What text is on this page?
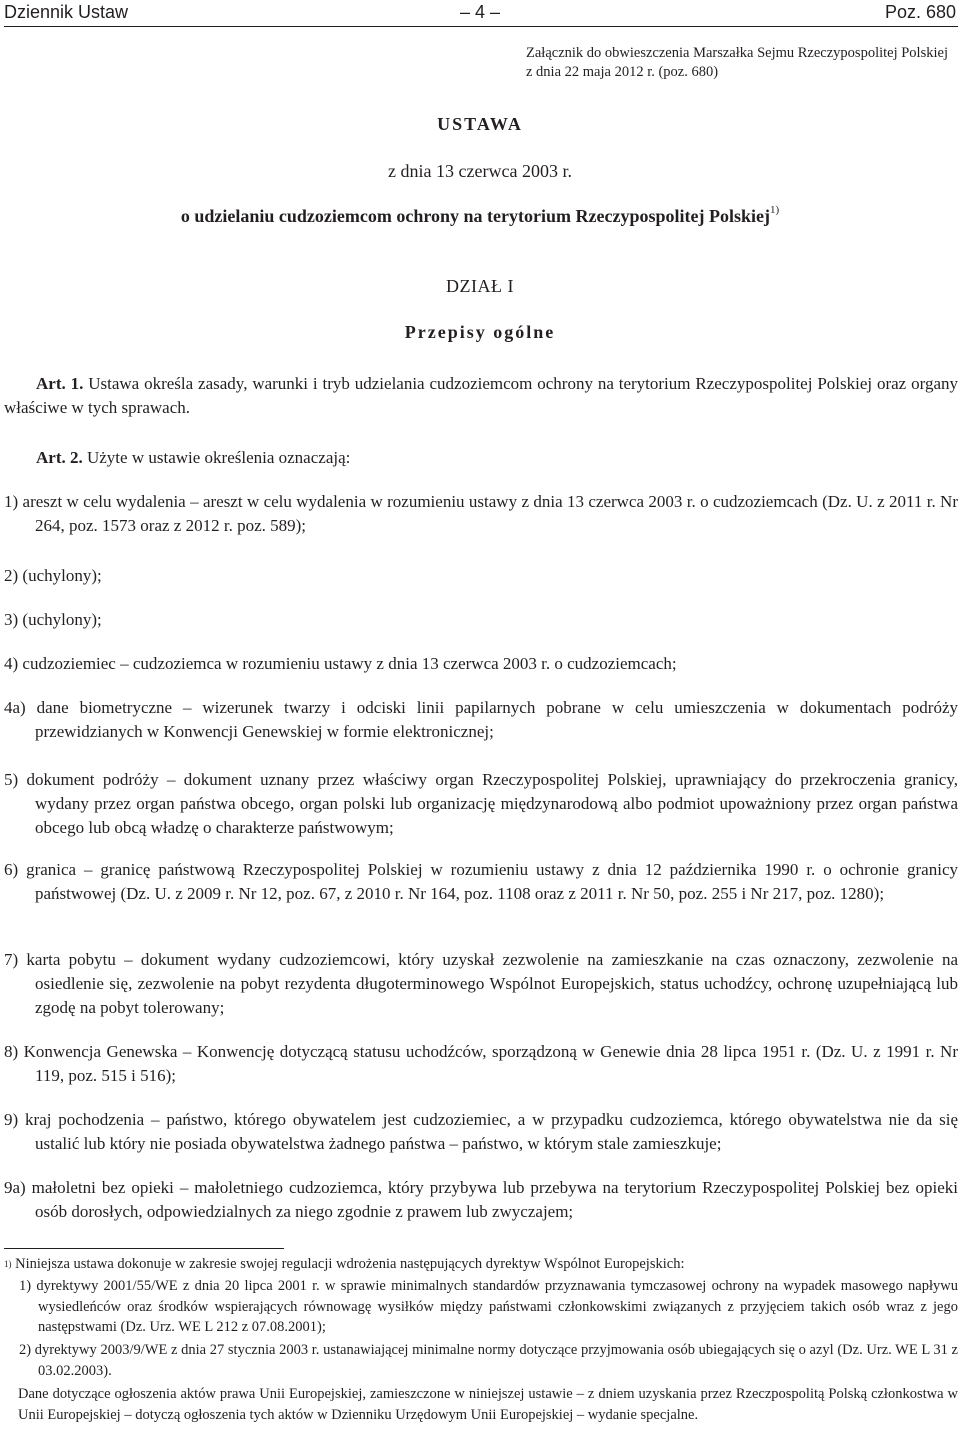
Dziennik Ustaw	– 4 –	Poz. 680
Załącznik do obwieszczenia Marszałka Sejmu Rzeczypospolitej Polskiej z dnia 22 maja 2012 r. (poz. 680)
USTAWA
z dnia 13 czerwca 2003 r.
o udzielaniu cudzoziemcom ochrony na terytorium Rzeczypospolitej Polskiej$^{1)}$
DZIAŁ I
Przepisy ogólne
Art. 1. Ustawa określa zasady, warunki i tryb udzielania cudzoziemcom ochrony na terytorium Rzeczypospolitej Polskiej oraz organy właściwe w tych sprawach.
Art. 2. Użyte w ustawie określenia oznaczają:
1) areszt w celu wydalenia – areszt w celu wydalenia w rozumieniu ustawy z dnia 13 czerwca 2003 r. o cudzoziemcach (Dz. U. z 2011 r. Nr 264, poz. 1573 oraz z 2012 r. poz. 589);
2) (uchylony);
3) (uchylony);
4) cudzoziemiec – cudzoziemca w rozumieniu ustawy z dnia 13 czerwca 2003 r. o cudzoziemcach;
4a) dane biometryczne – wizerunek twarzy i odciski linii papilarnych pobrane w celu umieszczenia w dokumentach podróży przewidzianych w Konwencji Genewskiej w formie elektronicznej;
5) dokument podróży – dokument uznany przez właściwy organ Rzeczypospolitej Polskiej, uprawniający do przekroczenia granicy, wydany przez organ państwa obcego, organ polski lub organizację międzynarodową albo podmiot upoważniony przez organ państwa obcego lub obcą władzę o charakterze państwowym;
6) granica – granicę państwową Rzeczypospolitej Polskiej w rozumieniu ustawy z dnia 12 października 1990 r. o ochronie granicy państwowej (Dz. U. z 2009 r. Nr 12, poz. 67, z 2010 r. Nr 164, poz. 1108 oraz z 2011 r. Nr 50, poz. 255 i Nr 217, poz. 1280);
7) karta pobytu – dokument wydany cudzoziemcowi, który uzyskał zezwolenie na zamieszkanie na czas oznaczony, zezwolenie na osiedlenie się, zezwolenie na pobyt rezydenta długoterminowego Wspólnot Europejskich, status uchodźcy, ochronę uzupełniającą lub zgodę na pobyt tolerowany;
8) Konwencja Genewska – Konwencję dotyczącą statusu uchodźców, sporządzoną w Genewie dnia 28 lipca 1951 r. (Dz. U. z 1991 r. Nr 119, poz. 515 i 516);
9) kraj pochodzenia – państwo, którego obywatelem jest cudzoziemiec, a w przypadku cudzoziemca, którego obywatelstwa nie da się ustalić lub który nie posiada obywatelstwa żadnego państwa – państwo, w którym stale zamieszkuje;
9a) małoletni bez opieki – małoletniego cudzoziemca, który przybywa lub przebywa na terytorium Rzeczypospolitej Polskiej bez opieki osób dorosłych, odpowiedzialnych za niego zgodnie z prawem lub zwyczajem;
$^{1)}$ Niniejsza ustawa dokonuje w zakresie swojej regulacji wdrożenia następujących dyrektyw Wspólnot Europejskich:
1) dyrektywy 2001/55/WE z dnia 20 lipca 2001 r. w sprawie minimalnych standardów przyznawania tymczasowej ochrony na wypadek masowego napływu wysiedleńców oraz środków wspierających równowagę wysiłków między państwami członkowskimi związanych z przyjęciem takich osób wraz z jego następstwami (Dz. Urz. WE L 212 z 07.08.2001);
2) dyrektywy 2003/9/WE z dnia 27 stycznia 2003 r. ustanawiającej minimalne normy dotyczące przyjmowania osób ubiegających się o azyl (Dz. Urz. WE L 31 z 03.02.2003).
Dane dotyczące ogłoszenia aktów prawa Unii Europejskiej, zamieszczone w niniejszej ustawie – z dniem uzyskania przez Rzeczpospolitą Polską członkostwa w Unii Europejskiej – dotyczą ogłoszenia tych aktów w Dzienniku Urzędowym Unii Europejskiej – wydanie specjalne.
